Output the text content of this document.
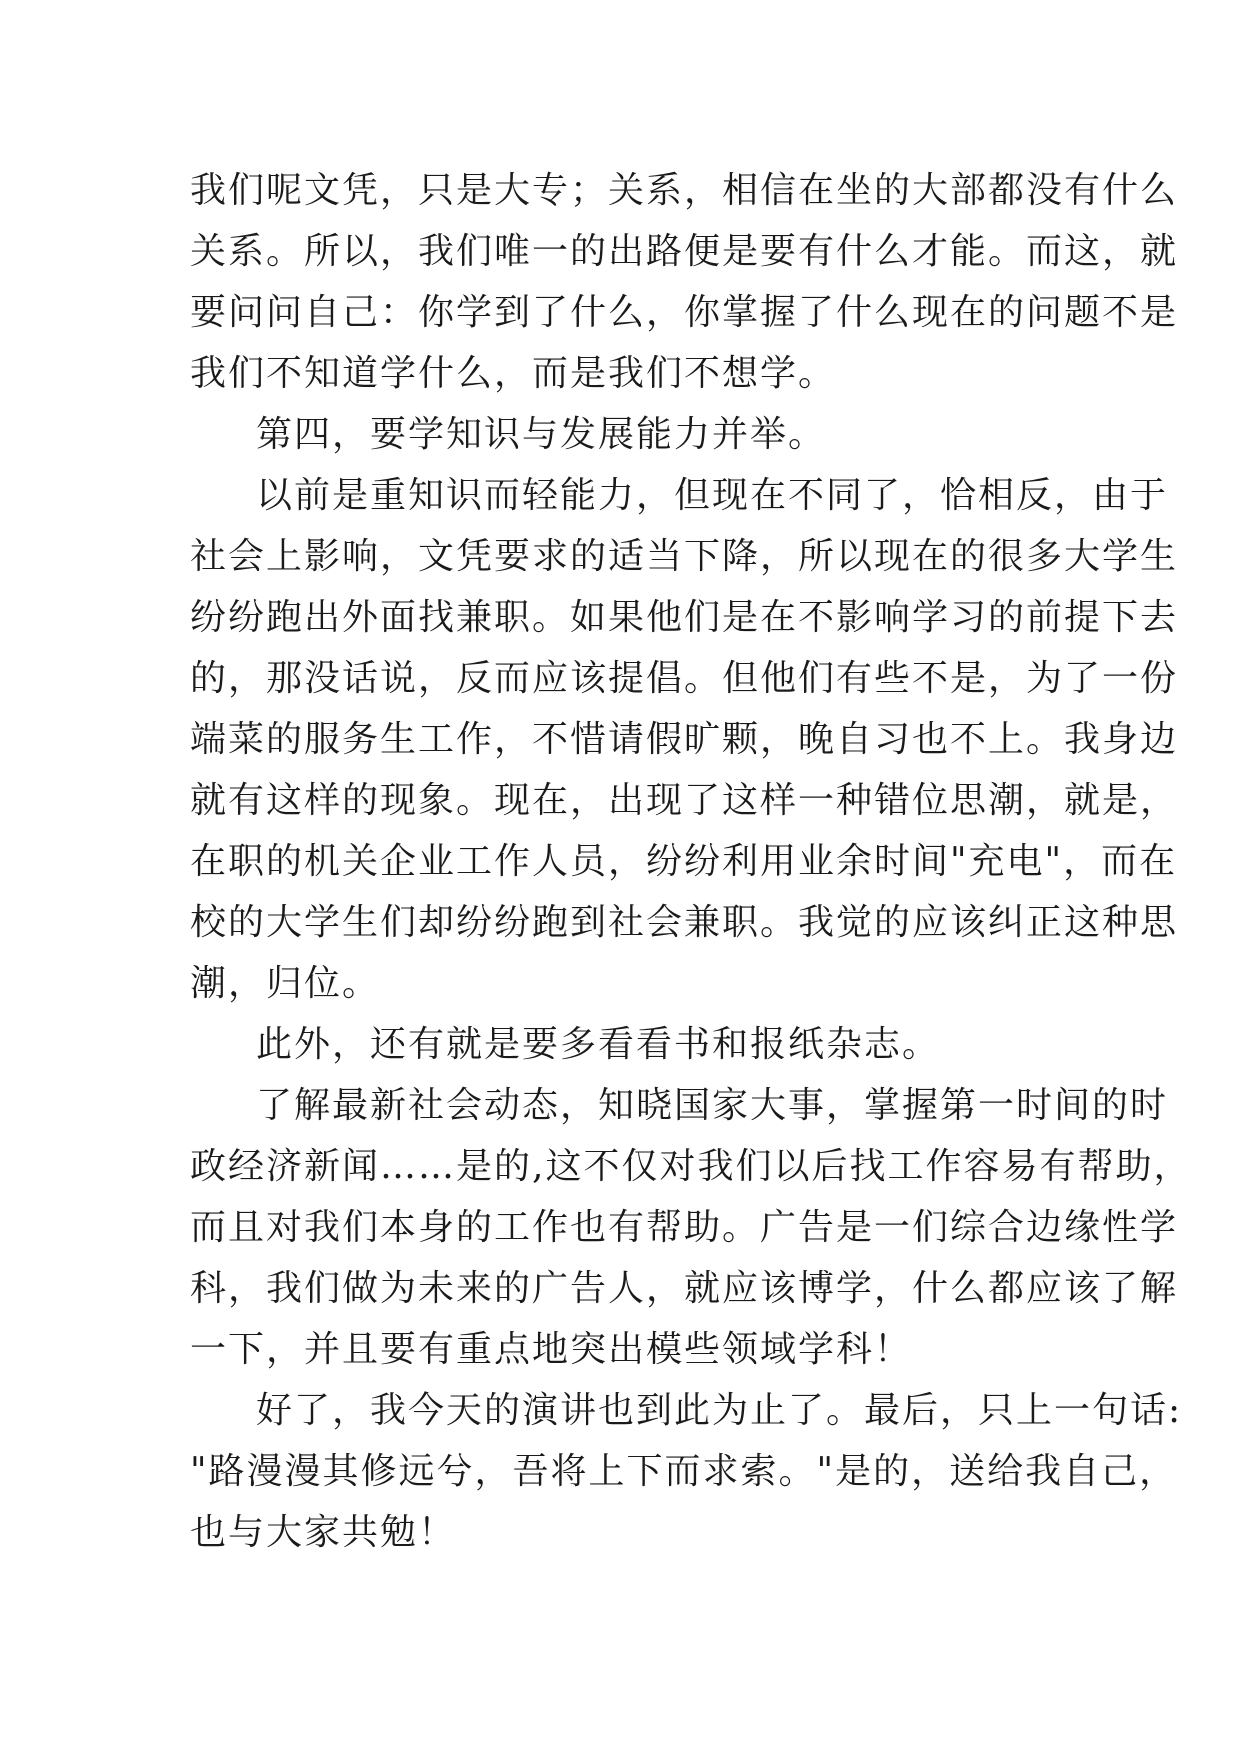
我们呢文凭，只是大专；关系，相信在坐的大部都没有什么
关系。所以，我们唯一的出路便是要有什么才能。而这，就
要问问自己：你学到了什么，你掌握了什么现在的问题不是
我们不知道学什么，而是我们不想学。
第四，要学知识与发展能力并举。
以前是重知识而轻能力，但现在不同了，恰相反，由于
社会上影响，文凭要求的适当下降，所以现在的很多大学生
纷纷跑出外面找兼职。如果他们是在不影响学习的前提下去
的，那没话说，反而应该提倡。但他们有些不是，为了一份
端菜的服务生工作，不惜请假旷颗，晚自习也不上。我身边
就有这样的现象。现在，出现了这样一种错位思潮，就是，
在职的机关企业工作人员，纷纷利用业余时间"充电"，而在
校的大学生们却纷纷跑到社会兼职。我觉的应该纠正这种思
潮，归位。
此外，还有就是要多看看书和报纸杂志。
了解最新社会动态，知晓国家大事，掌握第一时间的时
政经济新闻……是的,这不仅对我们以后找工作容易有帮助，
而且对我们本身的工作也有帮助。广告是一们综合边缘性学
科，我们做为未来的广告人，就应该博学，什么都应该了解
一下，并且要有重点地突出模些领域学科！
好了，我今天的演讲也到此为止了。最后，只上一句话:
"路漫漫其修远兮，吾将上下而求索。"是的，送给我自己，
也与大家共勉！
